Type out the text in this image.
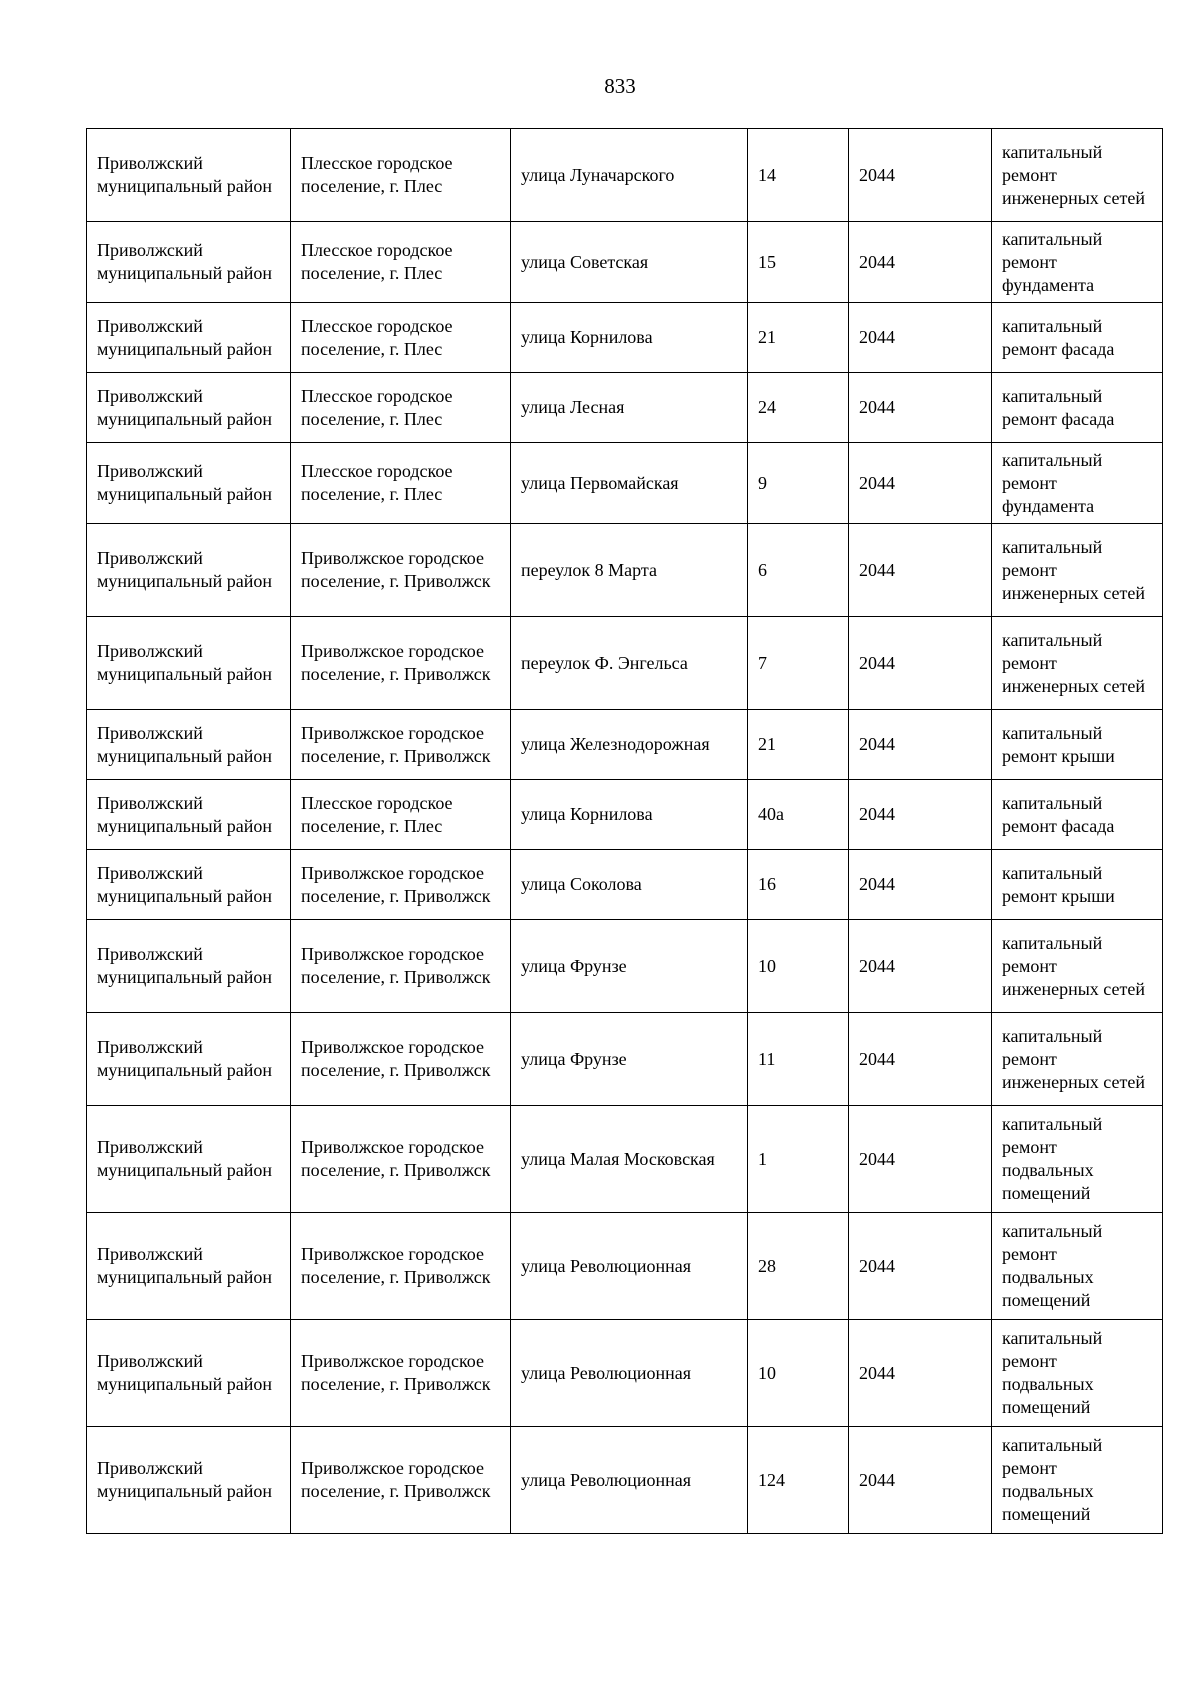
833
Приволжский муниципальный район	Плесское городское поселение, г. Плес	улица Луначарского	14	2044	капитальный ремонт инженерных сетей
Приволжский муниципальный район	Плесское городское поселение, г. Плес	улица Советская	15	2044	капитальный ремонт фундамента
Приволжский муниципальный район	Плесское городское поселение, г. Плес	улица Корнилова	21	2044	капитальный ремонт фасада
Приволжский муниципальный район	Плесское городское поселение, г. Плес	улица Лесная	24	2044	капитальный ремонт фасада
Приволжский муниципальный район	Плесское городское поселение, г. Плес	улица Первомайская	9	2044	капитальный ремонт фундамента
Приволжский муниципальный район	Приволжское городское поселение, г. Приволжск	переулок 8 Марта	6	2044	капитальный ремонт инженерных сетей
Приволжский муниципальный район	Приволжское городское поселение, г. Приволжск	переулок Ф. Энгельса	7	2044	капитальный ремонт инженерных сетей
Приволжский муниципальный район	Приволжское городское поселение, г. Приволжск	улица Железнодорожная	21	2044	капитальный ремонт крыши
Приволжский муниципальный район	Плесское городское поселение, г. Плес	улица Корнилова	40а	2044	капитальный ремонт фасада
Приволжский муниципальный район	Приволжское городское поселение, г. Приволжск	улица Соколова	16	2044	капитальный ремонт крыши
Приволжский муниципальный район	Приволжское городское поселение, г. Приволжск	улица Фрунзе	10	2044	капитальный ремонт инженерных сетей
Приволжский муниципальный район	Приволжское городское поселение, г. Приволжск	улица Фрунзе	11	2044	капитальный ремонт инженерных сетей
Приволжский муниципальный район	Приволжское городское поселение, г. Приволжск	улица Малая Московская	1	2044	капитальный ремонт подвальных помещений
Приволжский муниципальный район	Приволжское городское поселение, г. Приволжск	улица Революционная	28	2044	капитальный ремонт подвальных помещений
Приволжский муниципальный район	Приволжское городское поселение, г. Приволжск	улица Революционная	10	2044	капитальный ремонт подвальных помещений
Приволжский муниципальный район	Приволжское городское поселение, г. Приволжск	улица Революционная	124	2044	капитальный ремонт подвальных помещений
